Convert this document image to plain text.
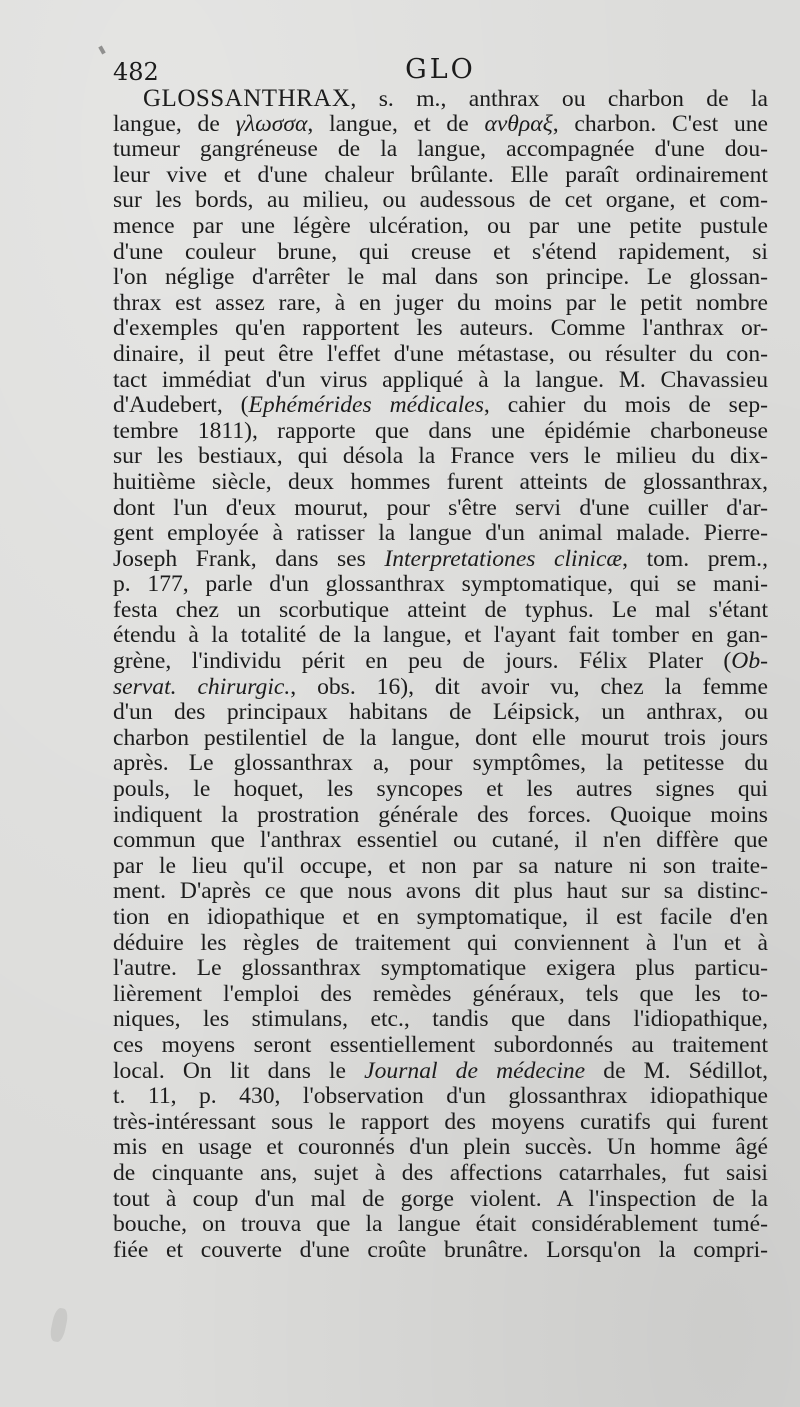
482	GLO
GLOSSANTHRAX, s. m., anthrax ou charbon de la
langue, de γλωσσα, langue, et de ανθραξ, charbon. C'est une
tumeur gangréneuse de la langue, accompagnée d'une dou-
leur vive et d'une chaleur brûlante. Elle paraît ordinairement
sur les bords, au milieu, ou audessous de cet organe, et com-
mence par une légère ulcération, ou par une petite pustule
d'une couleur brune, qui creuse et s'étend rapidement, si
l'on néglige d'arrêter le mal dans son principe. Le glossan-
thrax est assez rare, à en juger du moins par le petit nombre
d'exemples qu'en rapportent les auteurs. Comme l'anthrax or-
dinaire, il peut être l'effet d'une métastase, ou résulter du con-
tact immédiat d'un virus appliqué à la langue. M. Chavassieu
d'Audebert, (Ephémérides médicales, cahier du mois de sep-
tembre 1811), rapporte que dans une épidémie charboneuse
sur les bestiaux, qui désola la France vers le milieu du dix-
huitième siècle, deux hommes furent atteints de glossanthrax,
dont l'un d'eux mourut, pour s'être servi d'une cuiller d'ar-
gent employée à ratisser la langue d'un animal malade. Pierre-
Joseph Frank, dans ses Interpretationes clinicæ, tom. prem.,
p. 177, parle d'un glossanthrax symptomatique, qui se mani-
festa chez un scorbutique atteint de typhus. Le mal s'étant
étendu à la totalité de la langue, et l'ayant fait tomber en gan-
grène, l'individu périt en peu de jours. Félix Plater (Ob-
servat. chirurgic., obs. 16), dit avoir vu, chez la femme
d'un des principaux habitans de Léipsick, un anthrax, ou
charbon pestilentiel de la langue, dont elle mourut trois jours
après. Le glossanthrax a, pour symptômes, la petitesse du
pouls, le hoquet, les syncopes et les autres signes qui
indiquent la prostration générale des forces. Quoique moins
commun que l'anthrax essentiel ou cutané, il n'en diffère que
par le lieu qu'il occupe, et non par sa nature ni son traite-
ment. D'après ce que nous avons dit plus haut sur sa distinc-
tion en idiopathique et en symptomatique, il est facile d'en
déduire les règles de traitement qui conviennent à l'un et à
l'autre. Le glossanthrax symptomatique exigera plus particu-
lièrement l'emploi des remèdes généraux, tels que les to-
niques, les stimulans, etc., tandis que dans l'idiopathique,
ces moyens seront essentiellement subordonnés au traitement
local. On lit dans le Journal de médecine de M. Sédillot,
t. 11, p. 430, l'observation d'un glossanthrax idiopathique
très-intéressant sous le rapport des moyens curatifs qui furent
mis en usage et couronnés d'un plein succès. Un homme âgé
de cinquante ans, sujet à des affections catarrhales, fut saisi
tout à coup d'un mal de gorge violent. A l'inspection de la
bouche, on trouva que la langue était considérablement tumé-
fiée et couverte d'une croûte brunâtre. Lorsqu'on la compri-
